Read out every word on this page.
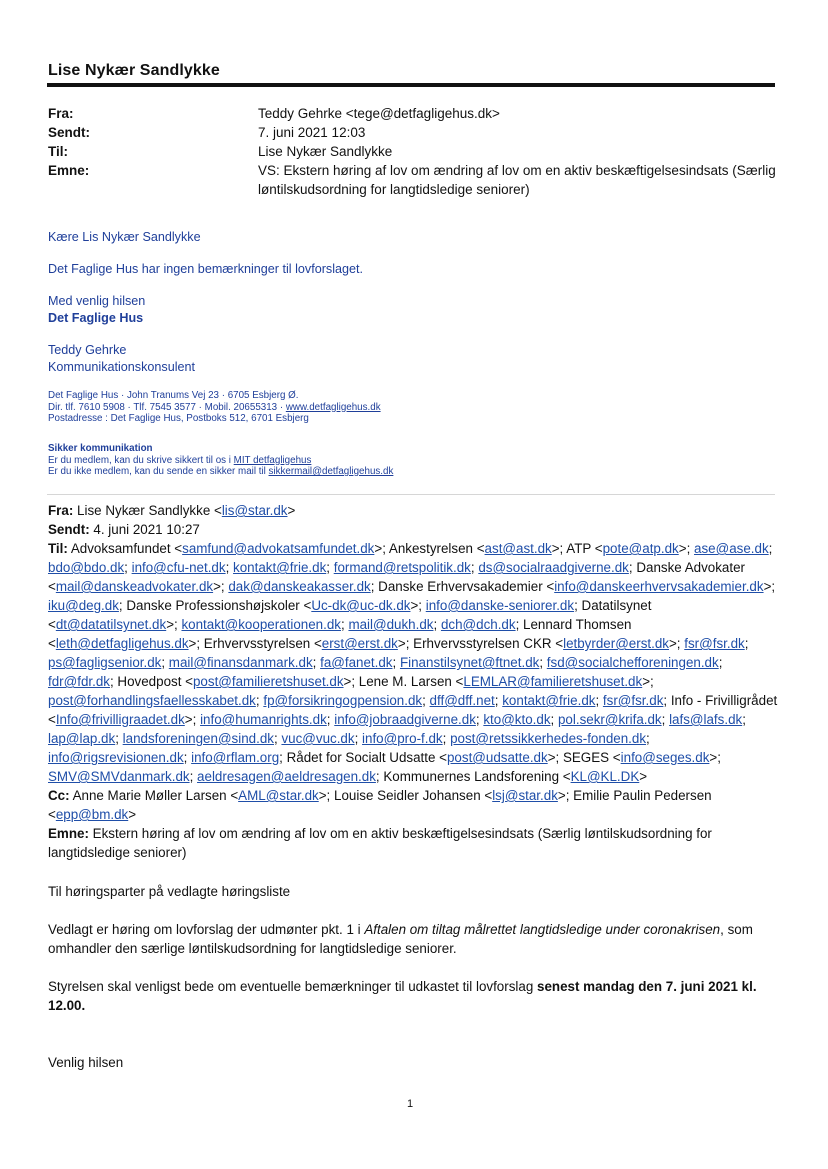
Lise Nykær Sandlykke
Fra:	Teddy Gehrke <tege@detfagligehus.dk>
Sendt:	7. juni 2021 12:03
Til:	Lise Nykær Sandlykke
Emne:	VS: Ekstern høring af lov om ændring af lov om en aktiv beskæftigelsesindsats (Særlig løntilskudsordning for langtidsledige seniorer)

Kære Lis Nykær Sandlykke

Det Faglige Hus har ingen bemærkninger til lovforslaget.

Med venlig hilsen

Det Faglige Hus

Teddy Gehrke

Kommunikationskonsulent

Det Faglige Hus · John Tranums Vej 23 · 6705 Esbjerg Ø.
Dir. tlf. 7610 5908 · Tlf. 7545 3577 · Mobil. 20655313 · www.detfagligehus.dk
Postadresse : Det Faglige Hus, Postboks 512, 6701 Esbjerg
Sikker kommunikation
Er du medlem, kan du skrive sikkert til os i MIT detfagligehus
Er du ikke medlem, kan du sende en sikker mail til sikkermail@detfagligehus.dk

Fra: Lise Nykær Sandlykke <lis@star.dk>

Sendt: 4. juni 2021 10:27

Til: Advoksamfundet <samfund@advokatsamfundet.dk>; Ankestyrelsen <ast@ast.dk>; ATP <pote@atp.dk>; ase@ase.dk; bdo@bdo.dk; info@cfu-net.dk; kontakt@frie.dk; formand@retspolitik.dk; ds@socialraadgiverne.dk; Danske Advokater <mail@danskeadvokater.dk>; dak@danskeakasser.dk; Danske Erhvervsakademier <info@danskeerhvervsakademier.dk>; iku@deg.dk; Danske Professionshøjskoler <Uc-dk@uc-dk.dk>; info@danske-seniorer.dk; Datatilsynet <dt@datatilsynet.dk>; kontakt@kooperationen.dk; mail@dukh.dk; dch@dch.dk; Lennard Thomsen <leth@detfagligehus.dk>; Erhvervsstyrelsen <erst@erst.dk>; Erhvervsstyrelsen CKR <letbyrder@erst.dk>; fsr@fsr.dk; ps@fagligsenior.dk; mail@finansdanmark.dk; fa@fanet.dk; Finanstilsynet@ftnet.dk; fsd@socialchefforeningen.dk; fdr@fdr.dk; Hovedpost <post@familieretshuset.dk>; Lene M. Larsen <LEMLAR@familieretshuset.dk>; post@forhandlingsfaellesskabet.dk; fp@forsikringogpension.dk; dff@dff.net; kontakt@frie.dk; fsr@fsr.dk; Info - Frivilligrådet <Info@frivilligraadet.dk>; info@humanrights.dk; info@jobraadgiverne.dk; kto@kto.dk; pol.sekr@krifa.dk; lafs@lafs.dk; lap@lap.dk; landsforeningen@sind.dk; vuc@vuc.dk; info@pro-f.dk; post@retssikkerhedes-fonden.dk; info@rigsrevisionen.dk; info@rflam.org; Rådet for Socialt Udsatte <post@udsatte.dk>; SEGES <info@seges.dk>; SMV@SMVdanmark.dk; aeldresagen@aeldresagen.dk; Kommunernes Landsforening <KL@KL.DK>

Cc: Anne Marie Møller Larsen <AML@star.dk>; Louise Seidler Johansen <lsj@star.dk>; Emilie Paulin Pedersen <epp@bm.dk>

Emne: Ekstern høring af lov om ændring af lov om en aktiv beskæftigelsesindsats (Særlig løntilskudsordning for langtidsledige seniorer)

Til høringsparter på vedlagte høringsliste

Vedlagt er høring om lovforslag der udmønter pkt. 1 i Aftalen om tiltag målrettet langtidsledige under coronakrisen, som omhandler den særlige løntilskudsordning for langtidsledige seniorer.

Styrelsen skal venligst bede om eventuelle bemærkninger til udkastet til lovforslag senest mandag den 7. juni 2021 kl. 12.00.

Venlig hilsen

1
